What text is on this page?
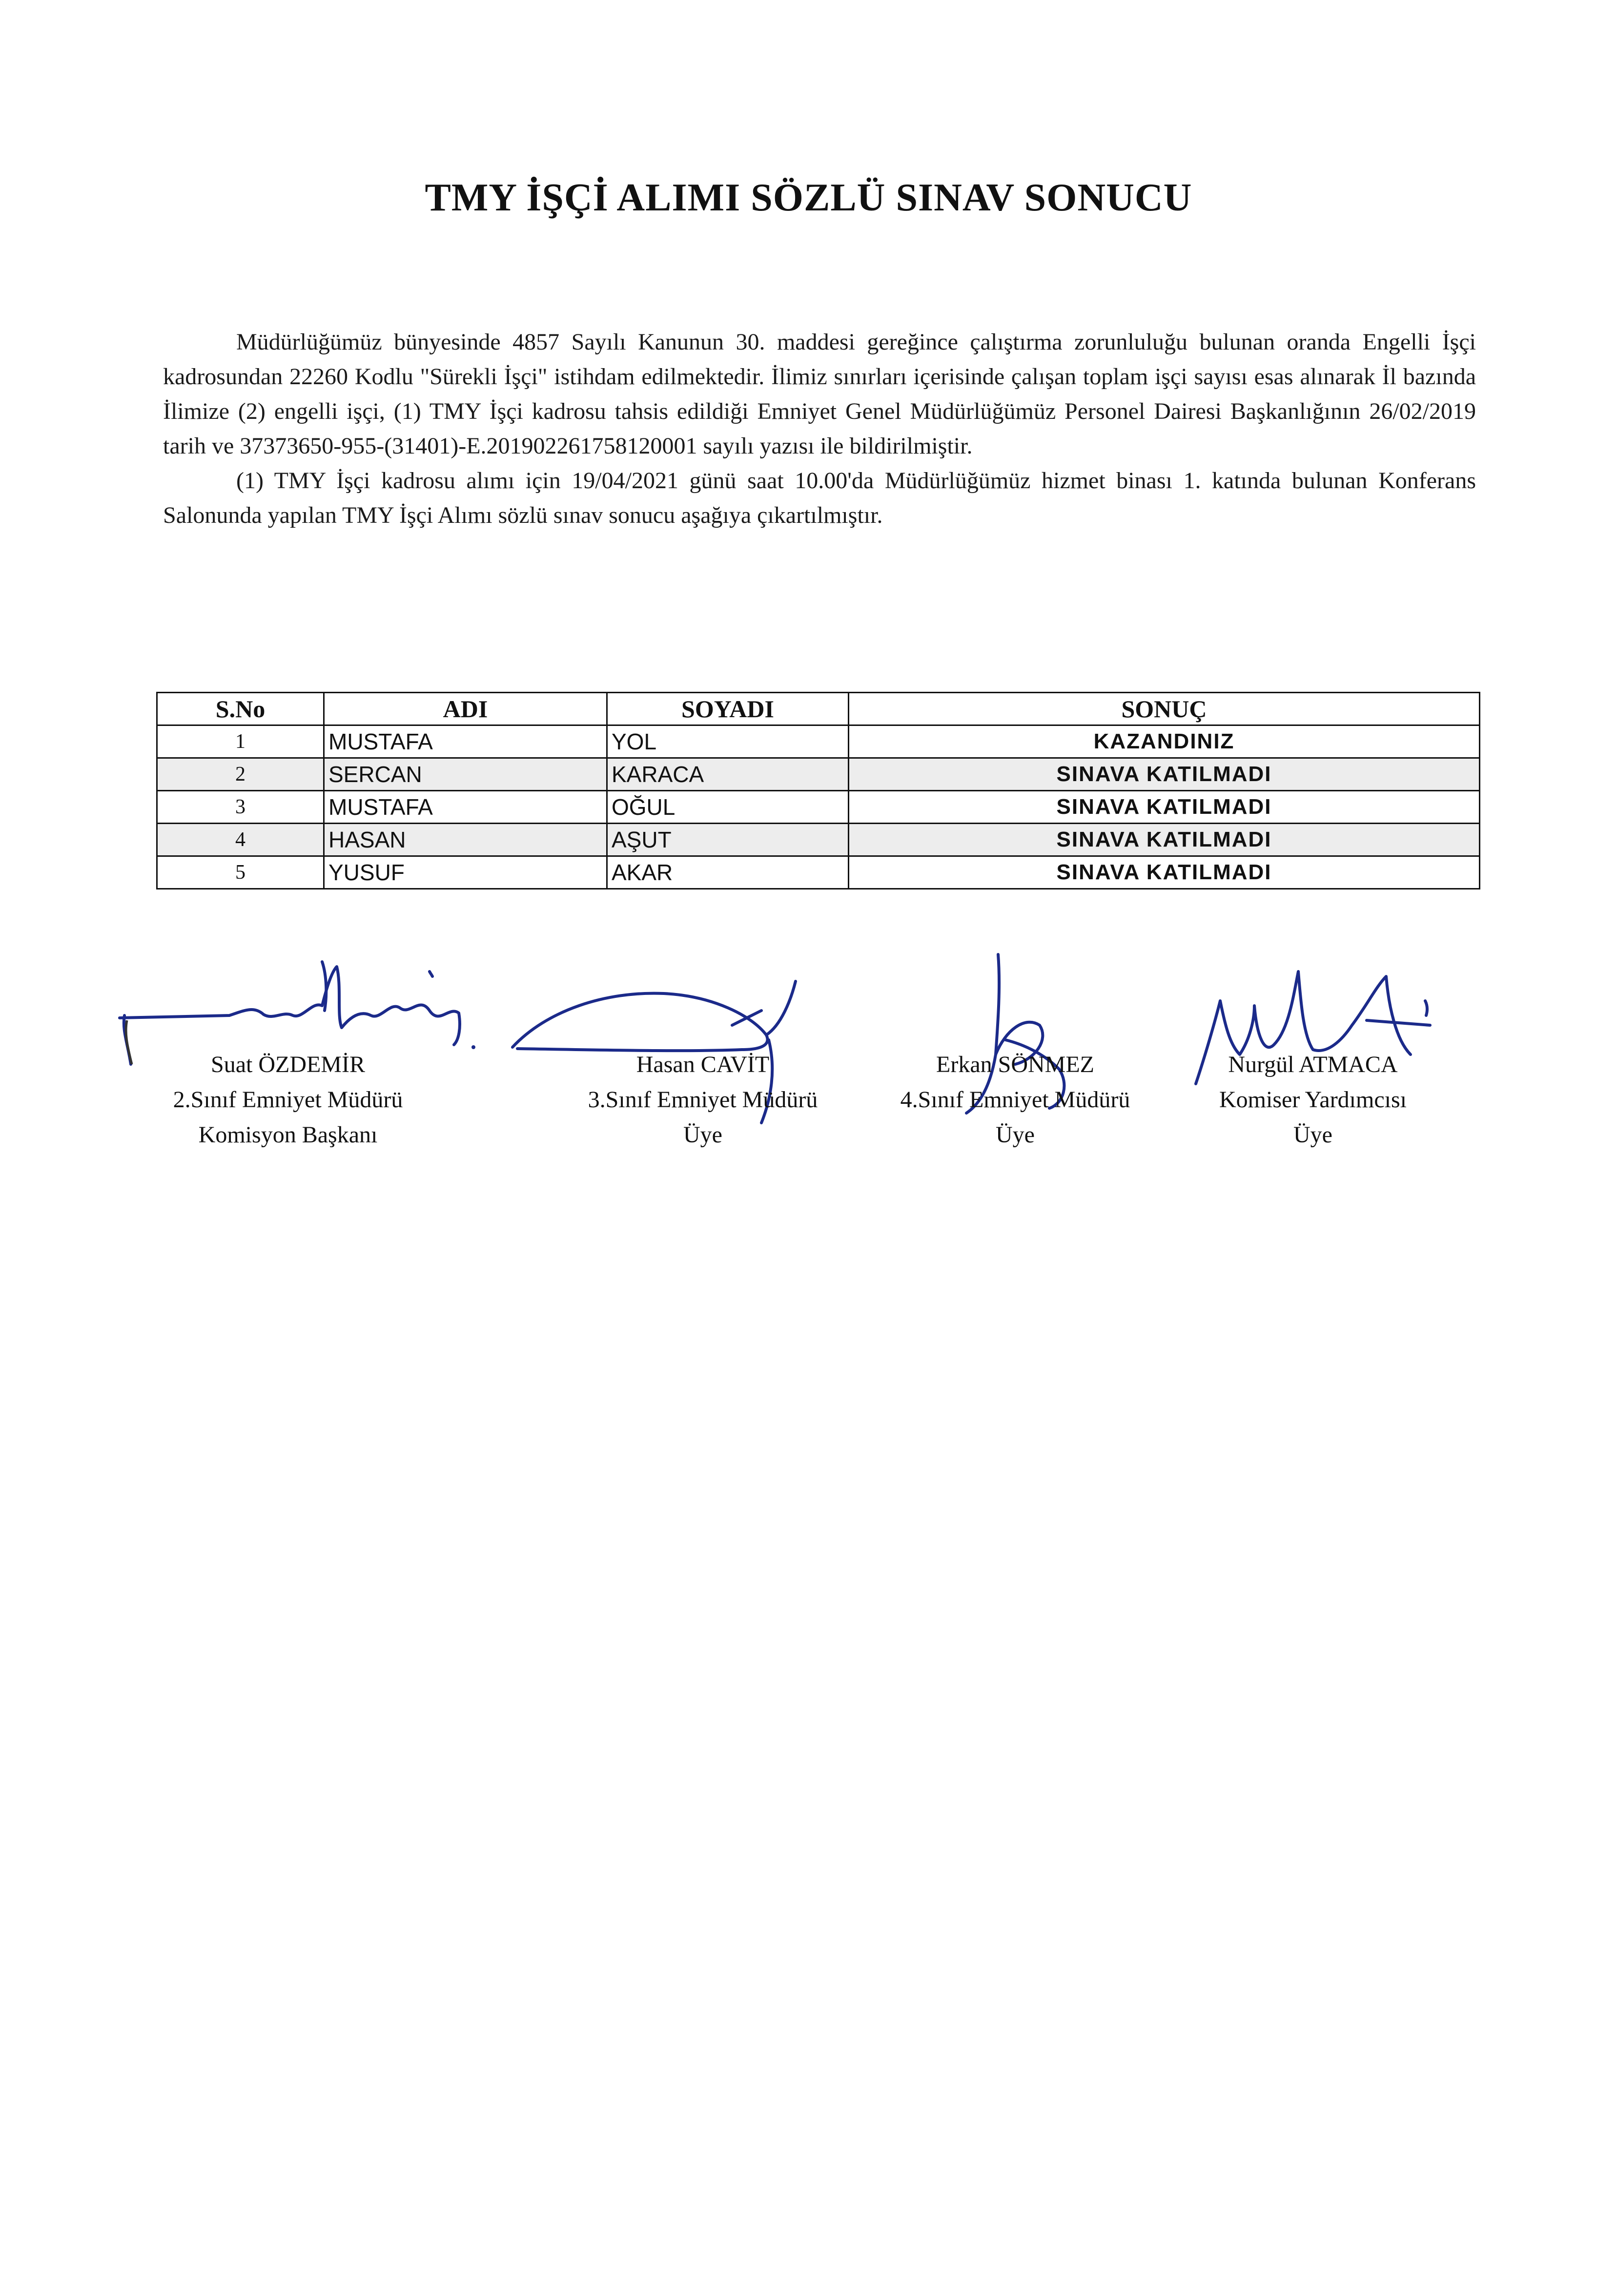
TMY İŞÇİ ALIMI SÖZLÜ SINAV SONUCU

Müdürlüğümüz bünyesinde 4857 Sayılı Kanunun 30. maddesi gereğince çalıştırma zorunluluğu bulunan oranda Engelli İşçi kadrosundan 22260 Kodlu "Sürekli İşçi" istihdam edilmektedir. İlimiz sınırları içerisinde çalışan toplam işçi sayısı esas alınarak İl bazında İlimize (2) engelli işçi, (1) TMY İşçi kadrosu tahsis edildiği Emniyet Genel Müdürlüğümüz Personel Dairesi Başkanlığının 26/02/2019 tarih ve 37373650-955-(31401)-E.201902261758120001 sayılı yazısı ile bildirilmiştir.

(1) TMY İşçi kadrosu alımı için 19/04/2021 günü saat 10.00'da Müdürlüğümüz hizmet binası 1. katında bulunan Konferans Salonunda yapılan TMY İşçi Alımı sözlü sınav sonucu aşağıya çıkartılmıştır.

S.No	ADI	SOYADI	SONUÇ
1	MUSTAFA	YOL	KAZANDINIZ
2	SERCAN	KARACA	SINAVA KATILMADI
3	MUSTAFA	OĞUL	SINAVA KATILMADI
4	HASAN	AŞUT	SINAVA KATILMADI
5	YUSUF	AKAR	SINAVA KATILMADI
Suat ÖZDEMİR
2.Sınıf Emniyet Müdürü
Komisyon Başkanı
Hasan CAVİT
3.Sınıf Emniyet Müdürü
Üye
Erkan SÖNMEZ
4.Sınıf Emniyet Müdürü
Üye
Nurgül ATMACA
Komiser Yardımcısı
Üye
